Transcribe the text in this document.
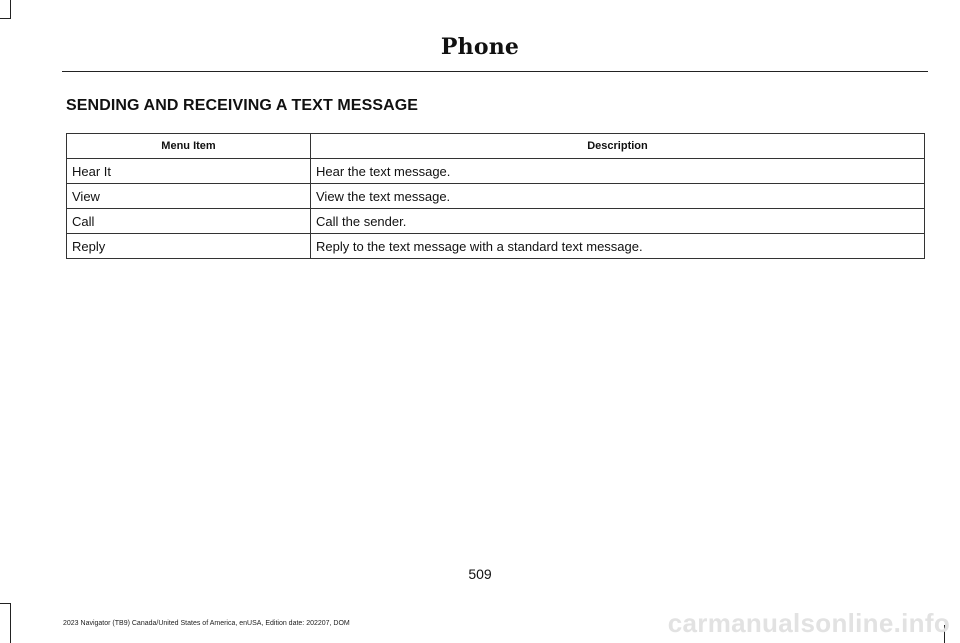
Phone
SENDING AND RECEIVING A TEXT MESSAGE
Menu Item	Description
Hear It	Hear the text message.
View	View the text message.
Call	Call the sender.
Reply	Reply to the text message with a standard text message.
509
2023 Navigator (TB9) Canada/United States of America, enUSA, Edition date: 202207, DOM	carmanualsonline.info
